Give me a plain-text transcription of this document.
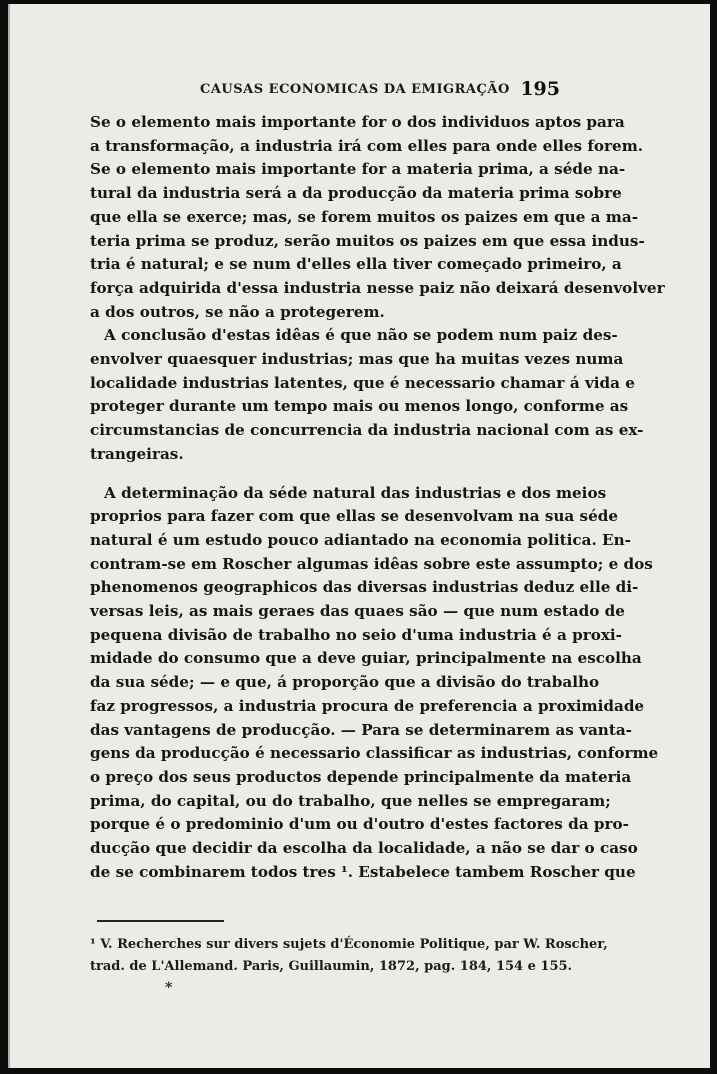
CAUSAS ECONOMICAS DA EMIGRAÇÃO 195
Se o elemento mais importante for o dos individuos aptos para
a transformação, a industria irá com elles para onde elles forem.
Se o elemento mais importante for a materia prima, a séde na-
tural da industria será a da producção da materia prima sobre
que ella se exerce; mas, se forem muitos os paizes em que a ma-
teria prima se produz, serão muitos os paizes em que essa indus-
tria é natural; e se num d'elles ella tiver começado primeiro, a
força adquirida d'essa industria nesse paiz não deixará desenvolver
a dos outros, se não a protegerem.
A conclusão d'estas idêas é que não se podem num paiz des-
envolver quaesquer industrias; mas que ha muitas vezes numa
localidade industrias latentes, que é necessario chamar á vida e
proteger durante um tempo mais ou menos longo, conforme as
circumstancias de concurrencia da industria nacional com as ex-
trangeiras.
A determinação da séde natural das industrias e dos meios
proprios para fazer com que ellas se desenvolvam na sua séde
natural é um estudo pouco adiantado na economia politica. En-
contram-se em Roscher algumas idêas sobre este assumpto; e dos
phenomenos geographicos das diversas industrias deduz elle di-
versas leis, as mais geraes das quaes são — que num estado de
pequena divisão de trabalho no seio d'uma industria é a proxi-
midade do consumo que a deve guiar, principalmente na escolha
da sua séde; — e que, á proporção que a divisão do trabalho
faz progressos, a industria procura de preferencia a proximidade
das vantagens de producção. — Para se determinarem as vanta-
gens da producção é necessario classificar as industrias, conforme
o preço dos seus productos depende principalmente da materia
prima, do capital, ou do trabalho, que nelles se empregaram;
porque é o predominio d'um ou d'outro d'estes factores da pro-
ducção que decidir da escolha da localidade, a não se dar o caso
de se combinarem todos tres ¹. Estabelece tambem Roscher que
¹ V. Recherches sur divers sujets d'Économie Politique, par W. Roscher,
trad. de L'Allemand. Paris, Guillaumin, 1872, pag. 184, 154 e 155.
*
